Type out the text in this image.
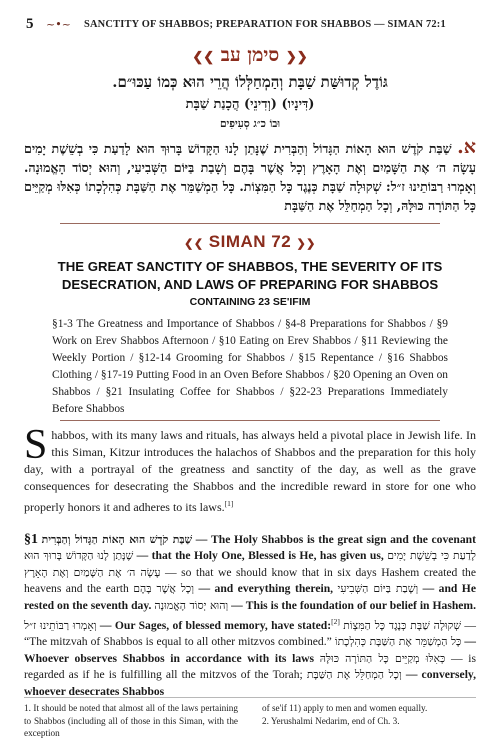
5 ~•~ SANCTITY OF SHABBOS; PREPARATION FOR SHABBOS — SIMAN 72:1
❮❮ סימן עב ❯❯
גּוֹדֶל קְדוּשַּׁת שַׁבָּת וְהַמְחַלְּלוֹ הֲרֵי הוּא כְּמוֹ עַכּוּ״ם.
(דִּינָיו) (וְדִינֵי) הֲכָנַת שַׁבָּת
וּבוֹ כ״ג סְעִיפִים
א. שַׁבַּת קֹדֶשׁ הוּא הָאוֹת הַגָּדוֹל וְהַבְּרִית שֶׁנָּתַן לָנוּ הַקָּדוֹשׁ בָּרוּךְ הוּא לָדַעַת כִּי בְשֵׁשֶׁת יָמִים עָשָׂה ה׳ אֶת הַשָּׁמַיִם וְאֶת הָאָרֶץ וְכָל אֲשֶׁר בָּהֶם וְשָׁבַת בַּיּוֹם הַשְּׁבִיעִי, וְהוּא יְסוֹד הָאֱמוּנָה. וְאָמְרוּ רַבּוֹתֵינוּ ז״ל: שְׁקוּלָה שַׁבָּת כְּנֶגֶד כָּל הַמִּצְוֹת. כָּל הַמְשַׁמֵּר אֶת הַשַּׁבָּת כְּהִלְכָתוֹ כְּאִלּוּ מְקַיֵּים כָּל הַתּוֹרָה כּוּלָּהּ, וְכָל הַמְחַלֵּל אֶת הַשַּׁבָּת
❮❮ SIMAN 72 ❯❯
THE GREAT SANCTITY OF SHABBOS, THE SEVERITY OF ITS
DESECRATION, AND LAWS OF PREPARING FOR SHABBOS
CONTAINING 23 SE'IFIM
§1-3 The Greatness and Importance of Shabbos / §4-8 Preparations for Shabbos / §9 Work on Erev Shabbos Afternoon / §10 Eating on Erev Shabbos / §11 Reviewing the Weekly Portion / §12-14 Grooming for Shabbos / §15 Repentance / §16 Shabbos Clothing / §17-19 Putting Food in an Oven Before Shabbos / §20 Opening an Oven on Shabbos / §21 Insulating Coffee for Shabbos / §22-23 Preparations Immediately Before Shabbos
S habbos, with its many laws and rituals, has always held a pivotal place in Jewish life. In this Siman, Kitzur introduces the halachos of Shabbos and the preparation for this holy day, with a portrayal of the greatness and sanctity of the day, as well as the grave consequences for desecrating the Shabbos and the incredible reward in store for one who properly honors it and adheres to its laws.[1]
§1 שַׁבַּת קֹדֶשׁ הוּא הָאוֹת הַגָּדוֹל וְהַבְּרִית — The Holy Shabbos is the great sign and the covenant שֶׁנָּתַן לָנוּ הַקָּדוֹשׁ בָּרוּךְ הוּא — that the Holy One, Blessed is He, has given us, לָדַעַת כִּי בְשֵׁשֶׁת יָמִים עָשָׂה ה׳ אֶת הַשָּׁמַיִם וְאֶת הָאָרֶץ — so that we should know that in six days Hashem created the heavens and the earth וְכָל אֲשֶׁר בָּהֶם — and everything therein, וְשָׁבַת בַּיּוֹם הַשְּׁבִיעִי — and He rested on the seventh day. וְהוּא יְסוֹד הָאֱמוּנָה — This is the foundation of our belief in Hashem. וְאָמְרוּ רַבּוֹתֵינוּ ז״ל — Our Sages, of blessed memory, have stated:[2] שְׁקוּלָה שַׁבָּת כְּנֶגֶד כָּל הַמִּצְוֹת — “The mitzvah of Shabbos is equal to all other mitzvos combined.” כָּל הַמְשַׁמֵּר אֶת הַשַּׁבָּת כְּהִלְכָתוֹ — Whoever observes Shabbos in accordance with its laws כְּאִלּוּ מְקַיֵּים כָּל הַתּוֹרָה כּוּלָּהּ — is regarded as if he is fulfilling all the mitzvos of the Torah; וְכָל הַמְחַלֵּל אֶת הַשַּׁבָּת — conversely, whoever desecrates Shabbos
1. It should be noted that almost all of the laws pertaining to Shabbos (including all of those in this Siman, with the exception
of se'if 11) apply to men and women equally.
2. Yerushalmi Nedarim, end of Ch. 3.
